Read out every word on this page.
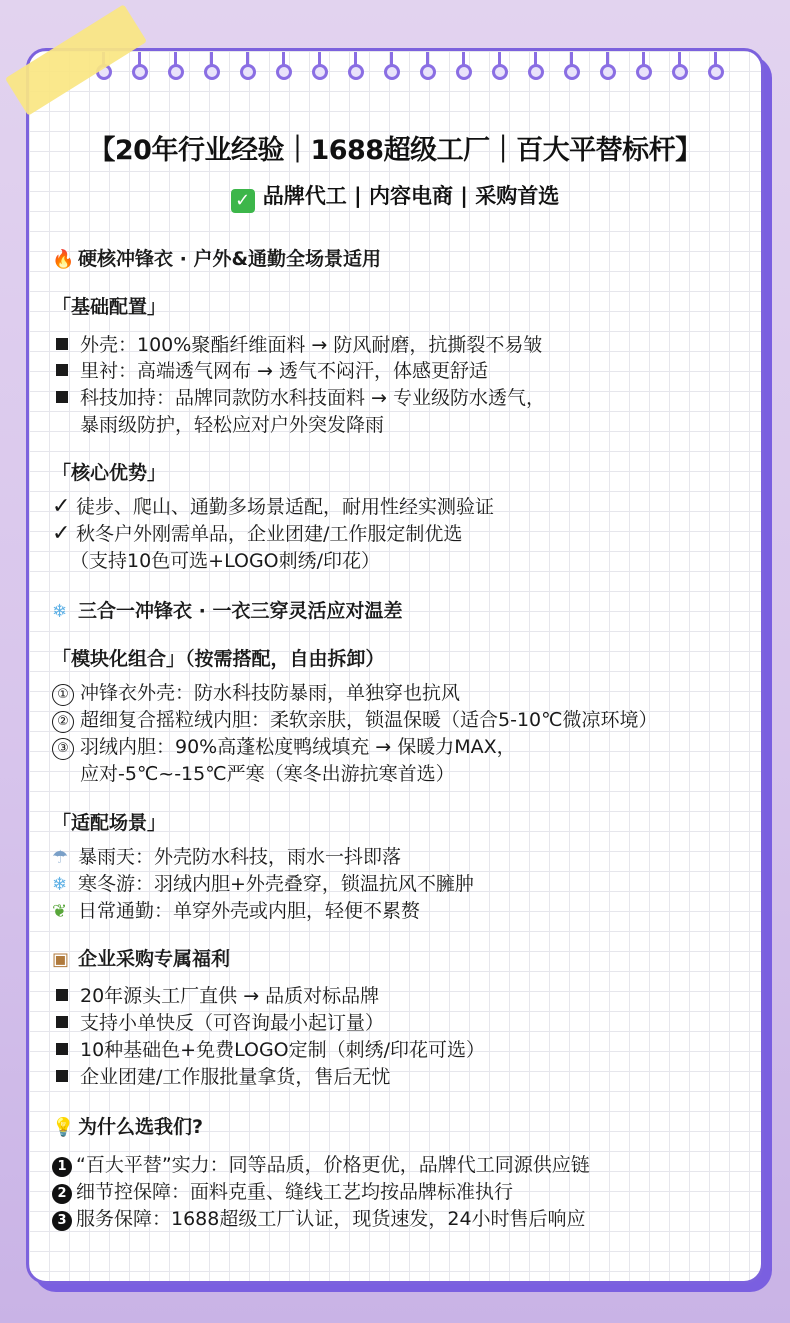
【20年行业经验｜1688超级工厂｜百大平替标杆】
✓ 品牌代工 | 内容电商 | 采购首选
🔥 硬核冲锋衣 · 户外&通勤全场景适用
「基础配置」
外壳：100%聚酯纤维面料 → 防风耐磨，抗撕裂不易皱
里衬：高端透气网布 → 透气不闷汗，体感更舒适
科技加持：品牌同款防水科技面料 → 专业级防水透气，
暴雨级防护，轻松应对户外突发降雨
「核心优势」
✓ 徒步、爬山、通勤多场景适配，耐用性经实测验证
✓ 秋冬户外刚需单品，企业团建/工作服定制优选
（支持10色可选+LOGO刺绣/印花）
❄ 三合一冲锋衣 · 一衣三穿灵活应对温差
「模块化组合」（按需搭配，自由拆卸）
① 冲锋衣外壳：防水科技防暴雨，单独穿也抗风
② 超细复合摇粒绒内胆：柔软亲肤，锁温保暖（适合5-10℃微凉环境）
③ 羽绒内胆：90%高蓬松度鸭绒填充 → 保暖力MAX，
应对-5℃~-15℃严寒（寒冬出游抗寒首选）
「适配场景」
☂ 暴雨天：外壳防水科技，雨水一抖即落
❄ 寒冬游：羽绒内胆+外壳叠穿，锁温抗风不臃肿
❦ 日常通勤：单穿外壳或内胆，轻便不累赘
▣ 企业采购专属福利
20年源头工厂直供 → 品质对标品牌
支持小单快反（可咨询最小起订量）
10种基础色+免费LOGO定制（刺绣/印花可选）
企业团建/工作服批量拿货，售后无忧
💡 为什么选我们?
1 “百大平替”实力：同等品质，价格更优，品牌代工同源供应链
2 细节控保障：面料克重、缝线工艺均按品牌标准执行
3 服务保障：1688超级工厂认证，现货速发，24小时售后响应
